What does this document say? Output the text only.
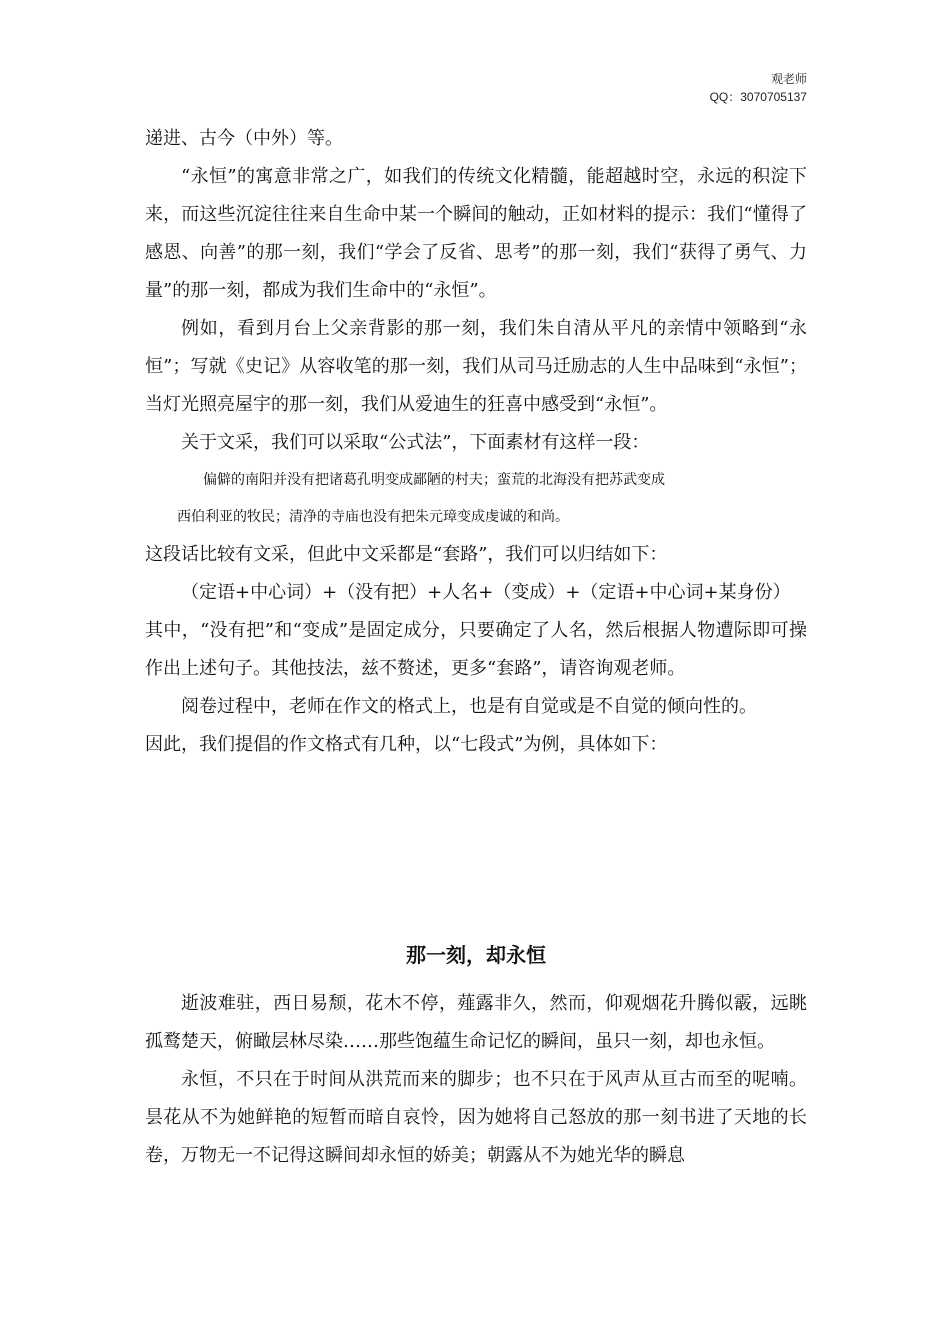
观老师
QQ：3070705137

递进、古今（中外）等。

“永恒”的寓意非常之广，如我们的传统文化精髓，能超越时空，永远的积淀下来，而这些沉淀往往来自生命中某一个瞬间的触动，正如材料的提示：我们“懂得了感恩、向善”的那一刻，我们“学会了反省、思考”的那一刻，我们“获得了勇气、力量”的那一刻，都成为我们生命中的“永恒”。

例如，看到月台上父亲背影的那一刻，我们朱自清从平凡的亲情中领略到“永恒”；写就《史记》从容收笔的那一刻，我们从司马迁励志的人生中品味到“永恒”；当灯光照亮屋宇的那一刻，我们从爱迪生的狂喜中感受到“永恒”。

关于文采，我们可以采取“公式法”，下面素材有这样一段：

偏僻的南阳并没有把诸葛孔明变成鄙陋的村夫；蛮荒的北海没有把苏武变成

西伯利亚的牧民；清净的寺庙也没有把朱元璋变成虔诚的和尚。

这段话比较有文采，但此中文采都是“套路”，我们可以归结如下：

（定语+中心词）+（没有把）+人名+（变成）+（定语+中心词+某身份）

其中，“没有把”和“变成”是固定成分，只要确定了人名，然后根据人物遭际即可操作出上述句子。其他技法，兹不赘述，更多“套路”，请咨询观老师。

阅卷过程中，老师在作文的格式上，也是有自觉或是不自觉的倾向性的。

因此，我们提倡的作文格式有几种，以“七段式”为例，具体如下：

那一刻，却永恒

逝波难驻，西日易颓，花木不停，薤露非久，然而，仰观烟花升腾似霰，远眺孤鹜楚天，俯瞰层林尽染……那些饱蕴生命记忆的瞬间，虽只一刻，却也永恒。

永恒，不只在于时间从洪荒而来的脚步；也不只在于风声从亘古而至的呢喃。昙花从不为她鲜艳的短暂而暗自哀怜，因为她将自己怒放的那一刻书进了天地的长卷，万物无一不记得这瞬间却永恒的娇美；朝露从不为她光华的瞬息
